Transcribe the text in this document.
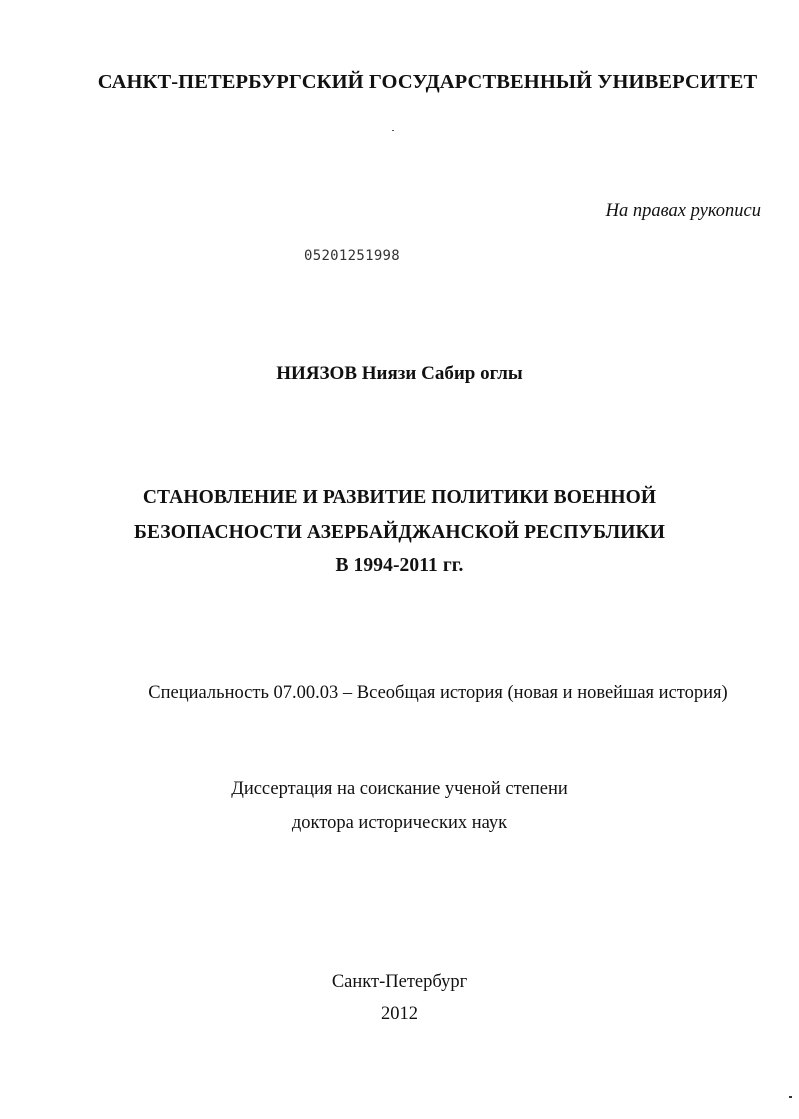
САНКТ-ПЕТЕРБУРГСКИЙ ГОСУДАРСТВЕННЫЙ УНИВЕРСИТЕТ
На правах рукописи
05201251998
НИЯЗОВ Ниязи Сабир оглы
СТАНОВЛЕНИЕ И РАЗВИТИЕ ПОЛИТИКИ ВОЕННОЙ
БЕЗОПАСНОСТИ АЗЕРБАЙДЖАНСКОЙ РЕСПУБЛИКИ
В 1994-2011 гг.
Специальность 07.00.03 – Всеобщая история (новая и новейшая история)
Диссертация на соискание ученой степени
доктора исторических наук
Санкт-Петербург
2012
